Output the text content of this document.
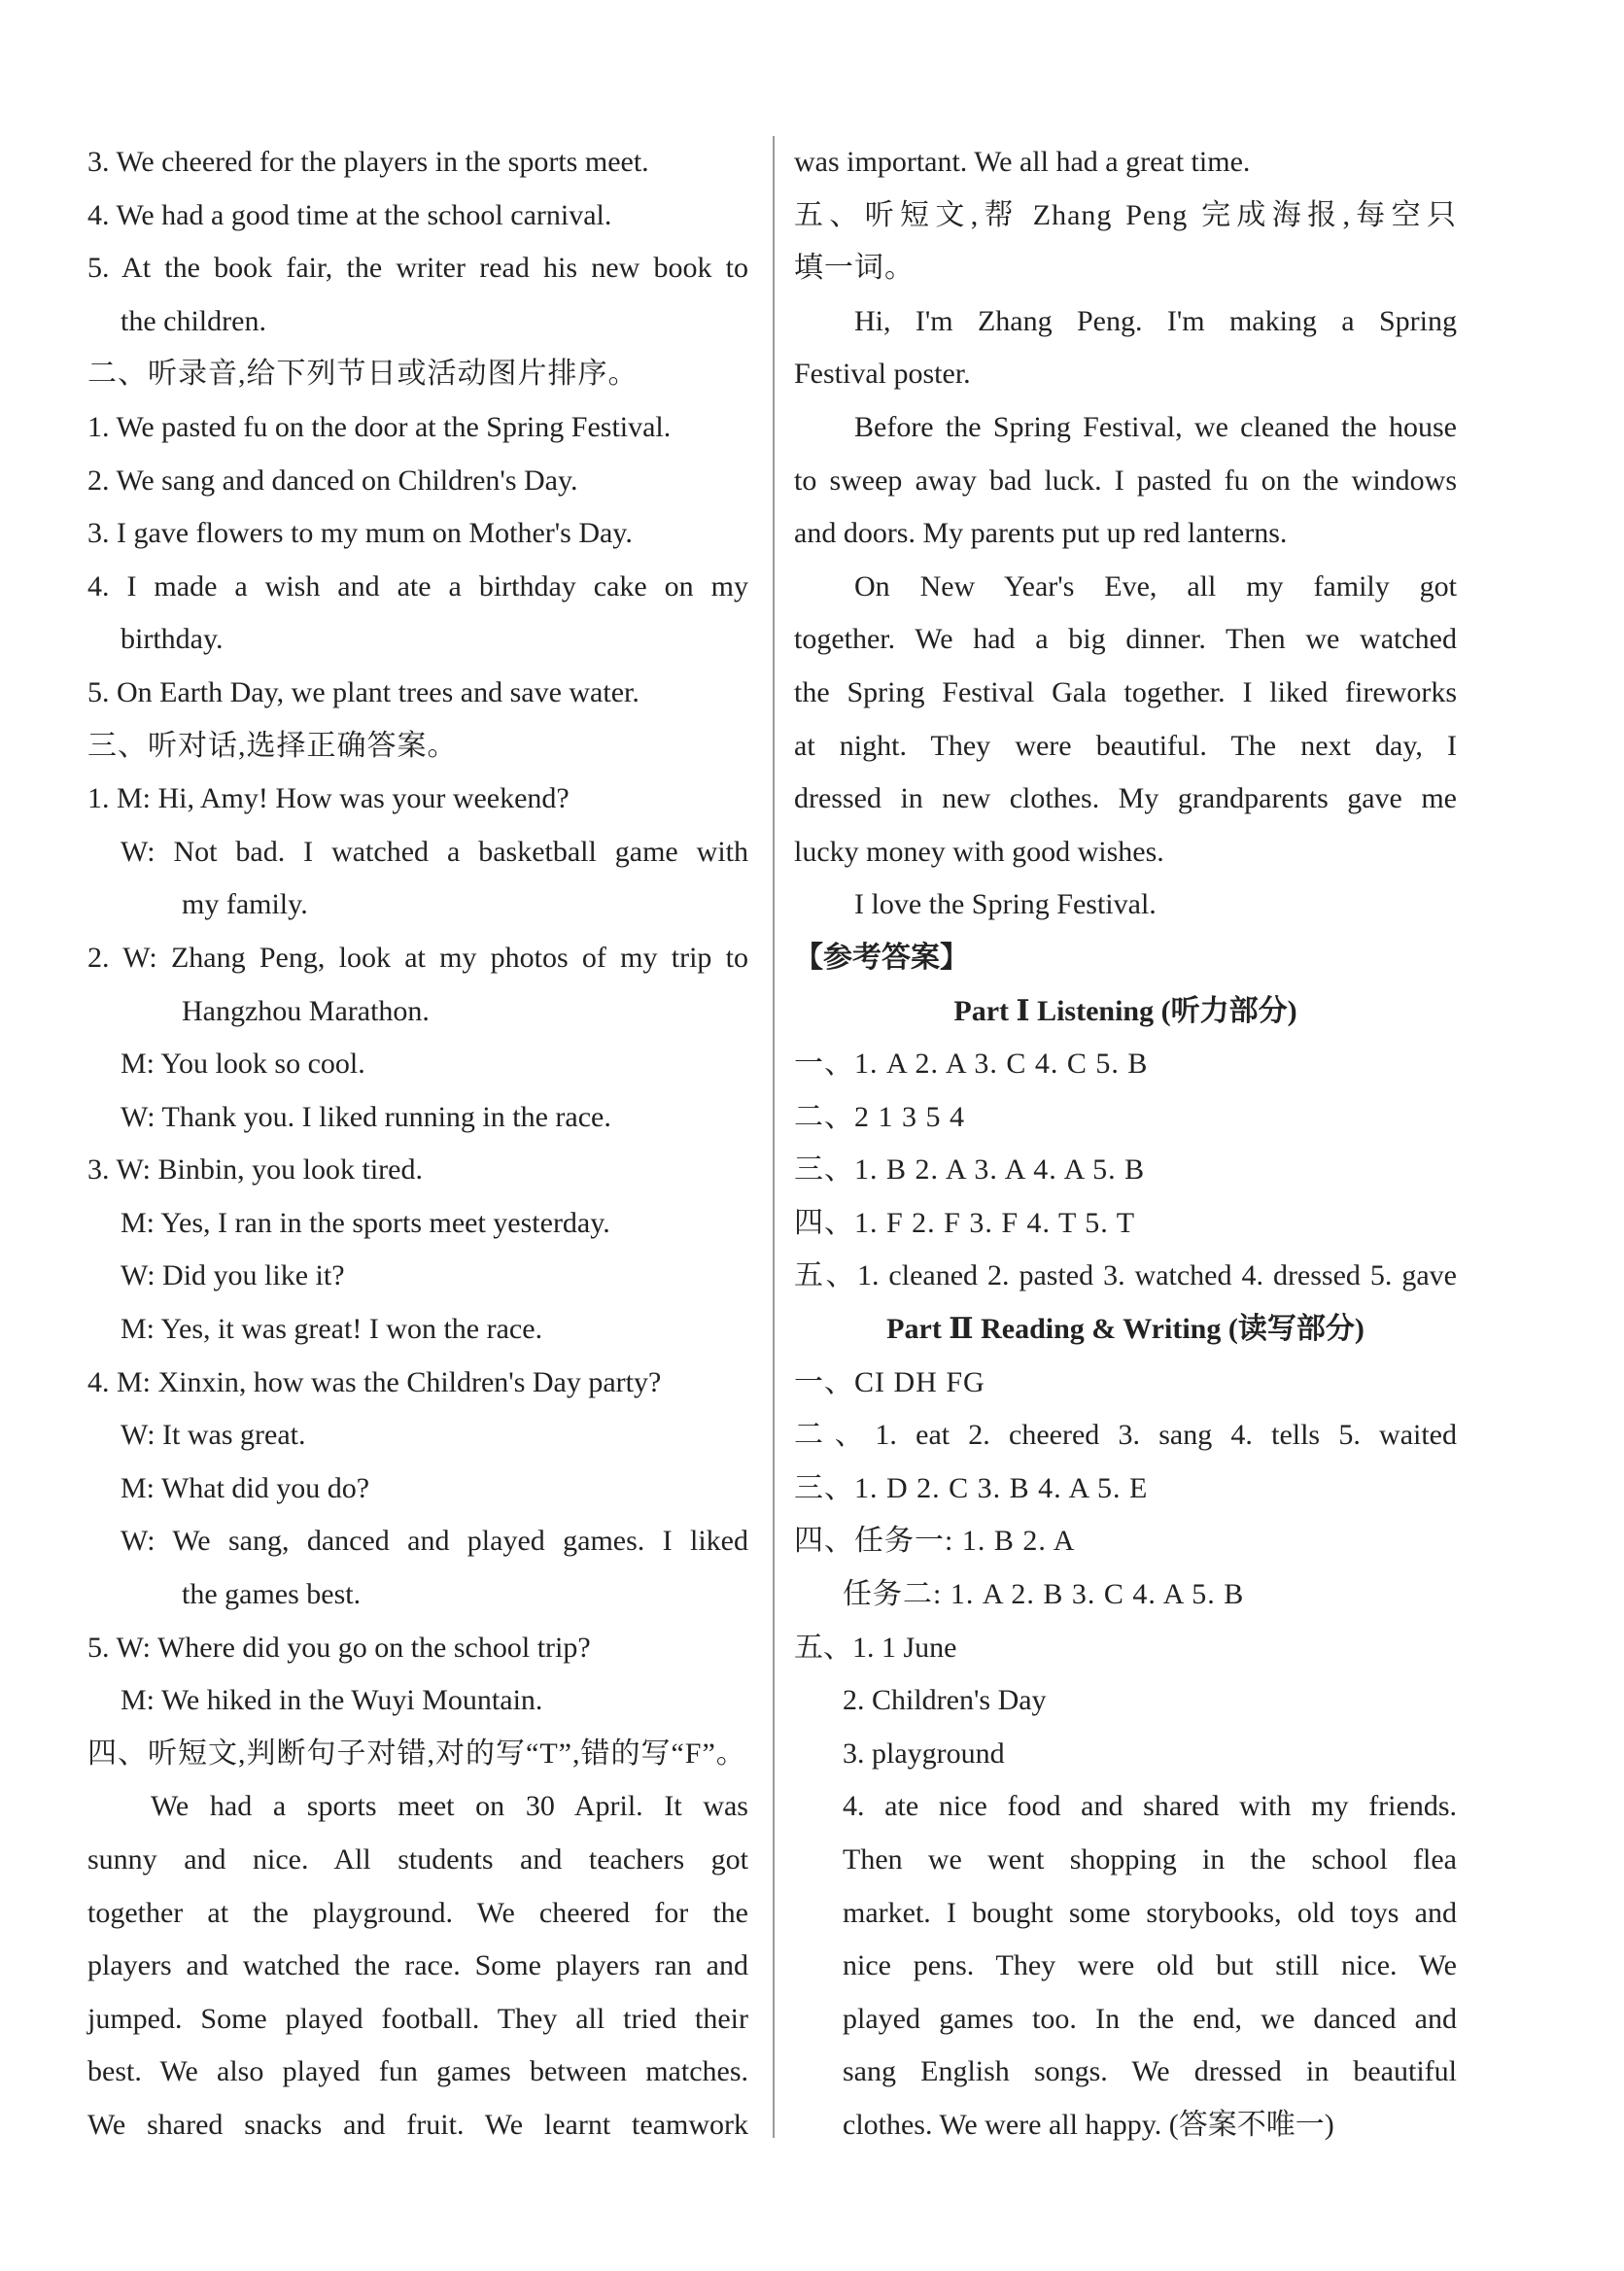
3. We cheered for the players in the sports meet.
4. We had a good time at the school carnival.
5. At the book fair, the writer read his new book to
the children.
二、听录音,给下列节日或活动图片排序。
1. We pasted fu on the door at the Spring Festival.
2. We sang and danced on Children's Day.
3. I gave flowers to my mum on Mother's Day.
4. I made a wish and ate a birthday cake on my
birthday.
5. On Earth Day, we plant trees and save water.
三、听对话,选择正确答案。
1. M: Hi, Amy! How was your weekend?
W: Not bad. I watched a basketball game with
my family.
2. W: Zhang Peng, look at my photos of my trip to
Hangzhou Marathon.
M: You look so cool.
W: Thank you. I liked running in the race.
3. W: Binbin, you look tired.
M: Yes, I ran in the sports meet yesterday.
W: Did you like it?
M: Yes, it was great! I won the race.
4. M: Xinxin, how was the Children's Day party?
W: It was great.
M: What did you do?
W: We sang, danced and played games. I liked
the games best.
5. W: Where did you go on the school trip?
M: We hiked in the Wuyi Mountain.
四、听短文,判断句子对错,对的写“T”,错的写“F”。
We had a sports meet on 30 April. It was
sunny and nice. All students and teachers got
together at the playground. We cheered for the
players and watched the race. Some players ran and
jumped. Some played football. They all tried their
best. We also played fun games between matches.
We shared snacks and fruit. We learnt teamwork
was important. We all had a great time.
五、听短文,帮 Zhang Peng 完成海报,每空只
填一词。
Hi, I'm Zhang Peng. I'm making a Spring
Festival poster.
Before the Spring Festival, we cleaned the house
to sweep away bad luck. I pasted fu on the windows
and doors. My parents put up red lanterns.
On New Year's Eve, all my family got
together. We had a big dinner. Then we watched
the Spring Festival Gala together. I liked fireworks
at night. They were beautiful. The next day, I
dressed in new clothes. My grandparents gave me
lucky money with good wishes.
I love the Spring Festival.
【参考答案】
Part Ⅰ Listening (听力部分)
一、1. A 2. A 3. C 4. C 5. B
二、2 1 3 5 4
三、1. B 2. A 3. A 4. A 5. B
四、1. F 2. F 3. F 4. T 5. T
五、1. cleaned 2. pasted 3. watched 4. dressed 5. gave
Part Ⅱ Reading & Writing (读写部分)
一、CI DH FG
二、1. eat 2. cheered 3. sang 4. tells 5. waited
三、1. D 2. C 3. B 4. A 5. E
四、任务一: 1. B 2. A
任务二: 1. A 2. B 3. C 4. A 5. B
五、1. 1 June
2. Children's Day
3. playground
4. ate nice food and shared with my friends.
Then we went shopping in the school flea
market. I bought some storybooks, old toys and
nice pens. They were old but still nice. We
played games too. In the end, we danced and
sang English songs. We dressed in beautiful
clothes. We were all happy. (答案不唯一)
